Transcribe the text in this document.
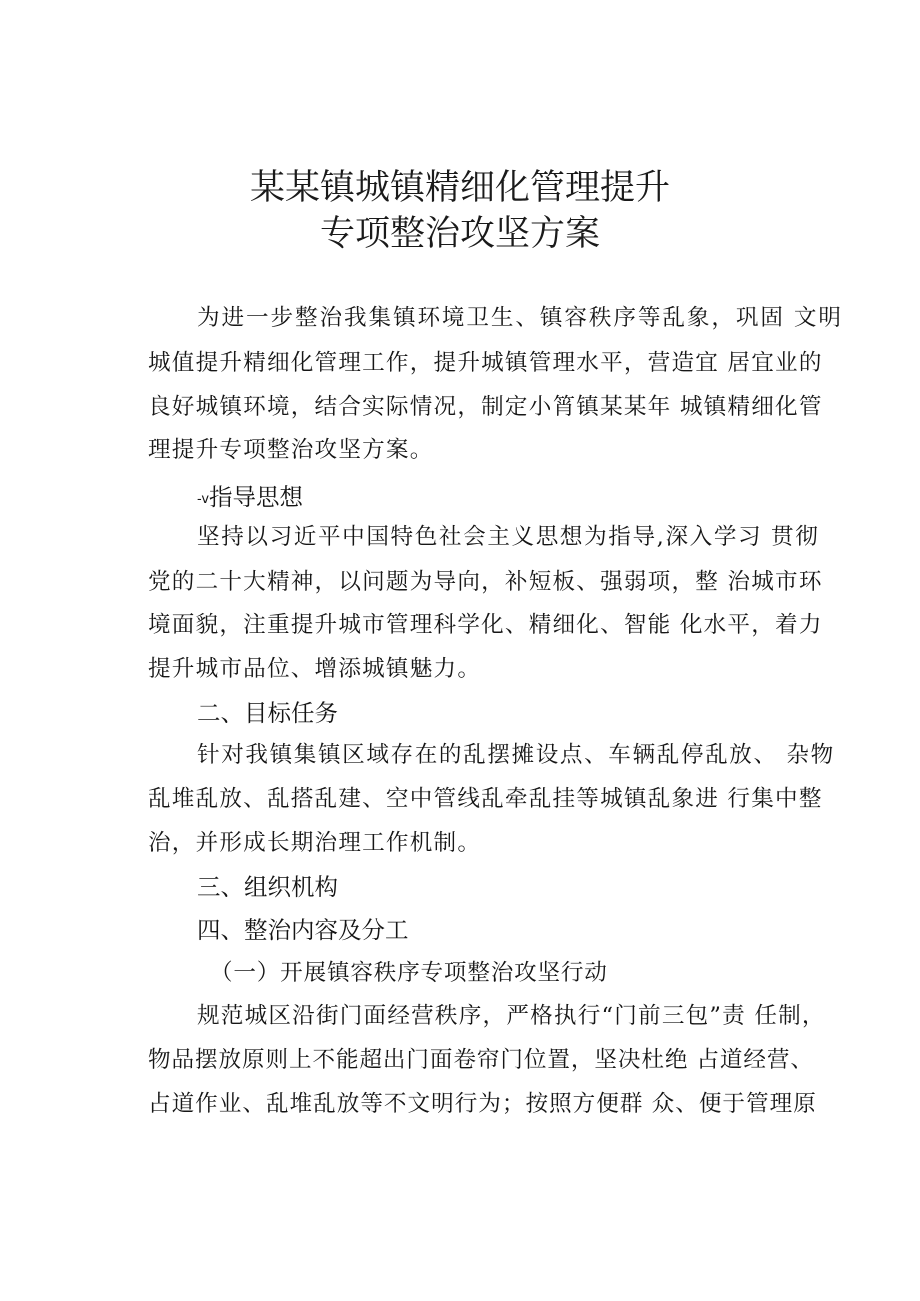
某某镇城镇精细化管理提升
专项整治攻坚方案
为进一步整治我集镇环境卫生、镇容秩序等乱象，巩固 文明
城值提升精细化管理工作，提升城镇管理水平，营造宜 居宜业的
良好城镇环境，结合实际情况，制定小筲镇某某年 城镇精细化管
理提升专项整治攻坚方案。
-v指导思想
坚持以习近平中国特色社会主义思想为指导,深入学习 贯彻
党的二十大精神，以问题为导向，补短板、强弱项，整 治城市环
境面貌，注重提升城市管理科学化、精细化、智能 化水平，着力
提升城市品位、增添城镇魅力。
二、目标任务
针对我镇集镇区域存在的乱摆摊设点、车辆乱停乱放、 杂物
乱堆乱放、乱搭乱建、空中管线乱牵乱挂等城镇乱象进 行集中整
治，并形成长期治理工作机制。
三、组织机构
四、整治内容及分工
（一）开展镇容秩序专项整治攻坚行动
规范城区沿街门面经营秩序，严格执行“门前三包”责 任制，
物品摆放原则上不能超出门面卷帘门位置，坚决杜绝 占道经营、
占道作业、乱堆乱放等不文明行为；按照方便群 众、便于管理原
